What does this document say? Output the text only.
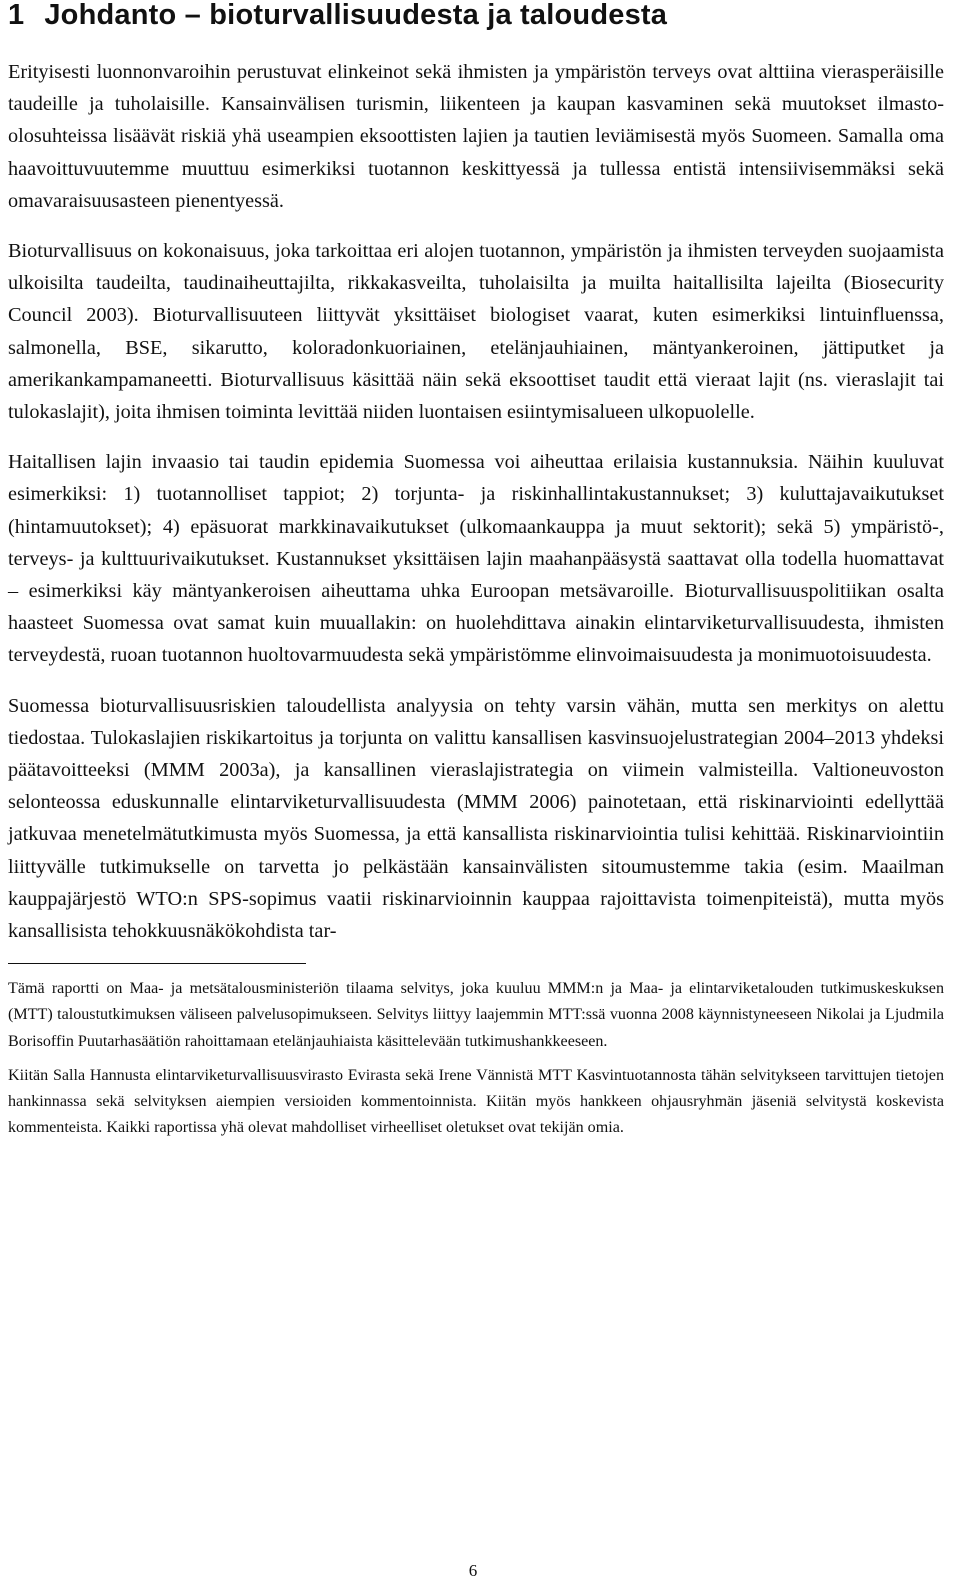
1 Johdanto – bioturvallisuudesta ja taloudesta

Erityisesti luonnonvaroihin perustuvat elinkeinot sekä ihmisten ja ympäristön terveys ovat alttiina vierasperäisille taudeille ja tuholaisille. Kansainvälisen turismin, liikenteen ja kaupan kasvaminen sekä muutokset ilmasto-olosuhteissa lisäävät riskiä yhä useampien eksoottisten lajien ja tautien leviämisestä myös Suomeen. Samalla oma haavoittuvuutemme muuttuu esimerkiksi tuotannon keskittyessä ja tullessa entistä intensiivisemmäksi sekä omavaraisuusasteen pienentyessä.

Bioturvallisuus on kokonaisuus, joka tarkoittaa eri alojen tuotannon, ympäristön ja ihmisten terveyden suojaamista ulkoisilta taudeilta, taudinaiheuttajilta, rikkakasveilta, tuholaisilta ja muilta haitallisilta lajeilta (Biosecurity Council 2003). Bioturvallisuuteen liittyvät yksittäiset biologiset vaarat, kuten esimerkiksi lintuinfluenssa, salmonella, BSE, sikarutto, koloradonkuoriainen, etelänjauhiainen, mäntyankeroinen, jättiputket ja amerikankampamaneetti. Bioturvallisuus käsittää näin sekä eksoottiset taudit että vieraat lajit (ns. vieraslajit tai tulokaslajit), joita ihmisen toiminta levittää niiden luontaisen esiintymisalueen ulkopuolelle.

Haitallisen lajin invaasio tai taudin epidemia Suomessa voi aiheuttaa erilaisia kustannuksia. Näihin kuuluvat esimerkiksi: 1) tuotannolliset tappiot; 2) torjunta- ja riskinhallintakustannukset; 3) kuluttajavaikutukset (hintamuutokset); 4) epäsuorat markkinavaikutukset (ulkomaankauppa ja muut sektorit); sekä 5) ympäristö-, terveys- ja kulttuurivaikutukset. Kustannukset yksittäisen lajin maahanpääsystä saattavat olla todella huomattavat – esimerkiksi käy mäntyankeroisen aiheuttama uhka Euroopan metsävaroille. Bioturvallisuuspolitiikan osalta haasteet Suomessa ovat samat kuin muuallakin: on huolehdittava ainakin elintarviketurvallisuudesta, ihmisten terveydestä, ruoan tuotannon huoltovarmuudesta sekä ympäristömme elinvoimaisuudesta ja monimuotoisuudesta.

Suomessa bioturvallisuusriskien taloudellista analyysia on tehty varsin vähän, mutta sen merkitys on alettu tiedostaa. Tulokaslajien riskikartoitus ja torjunta on valittu kansallisen kasvinsuojelustrategian 2004–2013 yhdeksi päätavoitteeksi (MMM 2003a), ja kansallinen vieraslajistrategia on viimein valmisteilla. Valtioneuvoston selonteossa eduskunnalle elintarviketurvallisuudesta (MMM 2006) painotetaan, että riskinarviointi edellyttää jatkuvaa menetelmätutkimusta myös Suomessa, ja että kansallista riskinarviointia tulisi kehittää. Riskinarviointiin liittyvälle tutkimukselle on tarvetta jo pelkästään kansainvälisten sitoumustemme takia (esim. Maailman kauppajärjestö WTO:n SPS-sopimus vaatii riskinarvioinnin kauppaa rajoittavista toimenpiteistä), mutta myös kansallisista tehokkuusnäkökohdista tar-

Tämä raportti on Maa- ja metsätalousministeriön tilaama selvitys, joka kuuluu MMM:n ja Maa- ja elintarviketalouden tutkimuskeskuksen (MTT) taloustutkimuksen väliseen palvelusopimukseen. Selvitys liittyy laajemmin MTT:ssä vuonna 2008 käynnistyneeseen Nikolai ja Ljudmila Borisoffin Puutarhasäätiön rahoittamaan etelänjauhiaista käsittelevään tutkimushankkeeseen.

Kiitän Salla Hannusta elintarviketurvallisuusvirasto Evirasta sekä Irene Vännistä MTT Kasvintuotannosta tähän selvitykseen tarvittujen tietojen hankinnassa sekä selvityksen aiempien versioiden kommentoinnista. Kiitän myös hankkeen ohjausryhmän jäseniä selvitystä koskevista kommenteista. Kaikki raportissa yhä olevat mahdolliset virheelliset oletukset ovat tekijän omia.

6
